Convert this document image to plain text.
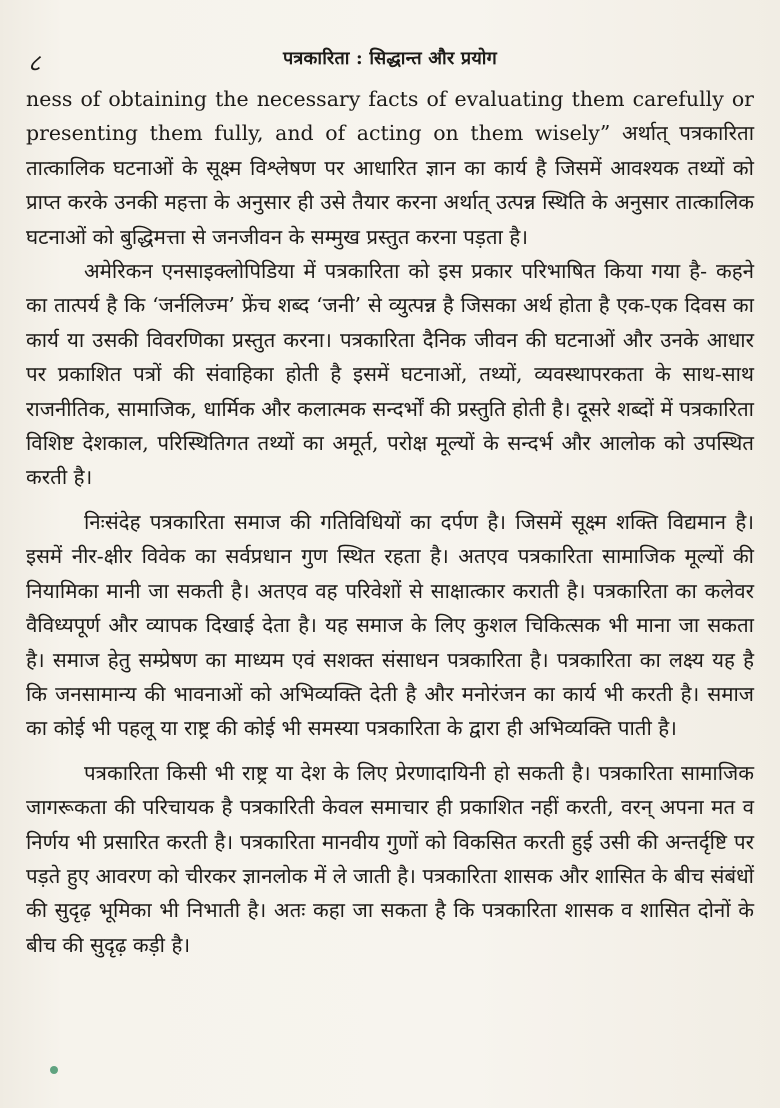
८	पत्रकारिता : सिद्धान्त और प्रयोग

ness of obtaining the necessary facts of evaluating them carefully or presenting them fully, and of acting on them wisely” अर्थात् पत्रकारिता तात्कालिक घटनाओं के सूक्ष्म विश्लेषण पर आधारित ज्ञान का कार्य है जिसमें आवश्यक तथ्यों को प्राप्त करके उनकी महत्ता के अनुसार ही उसे तैयार करना अर्थात् उत्पन्न स्थिति के अनुसार तात्कालिक घटनाओं को बुद्धिमत्ता से जनजीवन के सम्मुख प्रस्तुत करना पड़ता है।

अमेरिकन एनसाइक्लोपिडिया में पत्रकारिता को इस प्रकार परिभाषित किया गया है- कहने का तात्पर्य है कि ‘जर्नलिज्म’ फ्रेंच शब्द ‘जनी’ से व्युत्पन्न है जिसका अर्थ होता है एक-एक दिवस का कार्य या उसकी विवरणिका प्रस्तुत करना। पत्रकारिता दैनिक जीवन की घटनाओं और उनके आधार पर प्रकाशित पत्रों की संवाहिका होती है इसमें घटनाओं, तथ्यों, व्यवस्थापरकता के साथ-साथ राजनीतिक, सामाजिक, धार्मिक और कलात्मक सन्दर्भों की प्रस्तुति होती है। दूसरे शब्दों में पत्रकारिता विशिष्ट देशकाल, परिस्थितिगत तथ्यों का अमूर्त, परोक्ष मूल्यों के सन्दर्भ और आलोक को उपस्थित करती है।

निःसंदेह पत्रकारिता समाज की गतिविधियों का दर्पण है। जिसमें सूक्ष्म शक्ति विद्यमान है। इसमें नीर-क्षीर विवेक का सर्वप्रधान गुण स्थित रहता है। अतएव पत्रकारिता सामाजिक मूल्यों की नियामिका मानी जा सकती है। अतएव वह परिवेशों से साक्षात्कार कराती है। पत्रकारिता का कलेवर वैविध्यपूर्ण और व्यापक दिखाई देता है। यह समाज के लिए कुशल चिकित्सक भी माना जा सकता है। समाज हेतु सम्प्रेषण का माध्यम एवं सशक्त संसाधन पत्रकारिता है। पत्रकारिता का लक्ष्य यह है कि जनसामान्य की भावनाओं को अभिव्यक्ति देती है और मनोरंजन का कार्य भी करती है। समाज का कोई भी पहलू या राष्ट्र की कोई भी समस्या पत्रकारिता के द्वारा ही अभिव्यक्ति पाती है।

पत्रकारिता किसी भी राष्ट्र या देश के लिए प्रेरणादायिनी हो सकती है। पत्रकारिता सामाजिक जागरूकता की परिचायक है पत्रकारिती केवल समाचार ही प्रकाशित नहीं करती, वरन् अपना मत व निर्णय भी प्रसारित करती है। पत्रकारिता मानवीय गुणों को विकसित करती हुई उसी की अन्तर्दृष्टि पर पड़ते हुए आवरण को चीरकर ज्ञानलोक में ले जाती है। पत्रकारिता शासक और शासित के बीच संबंधों की सुदृढ़ भूमिका भी निभाती है। अतः कहा जा सकता है कि पत्रकारिता शासक व शासित दोनों के बीच की सुदृढ़ कड़ी है।
